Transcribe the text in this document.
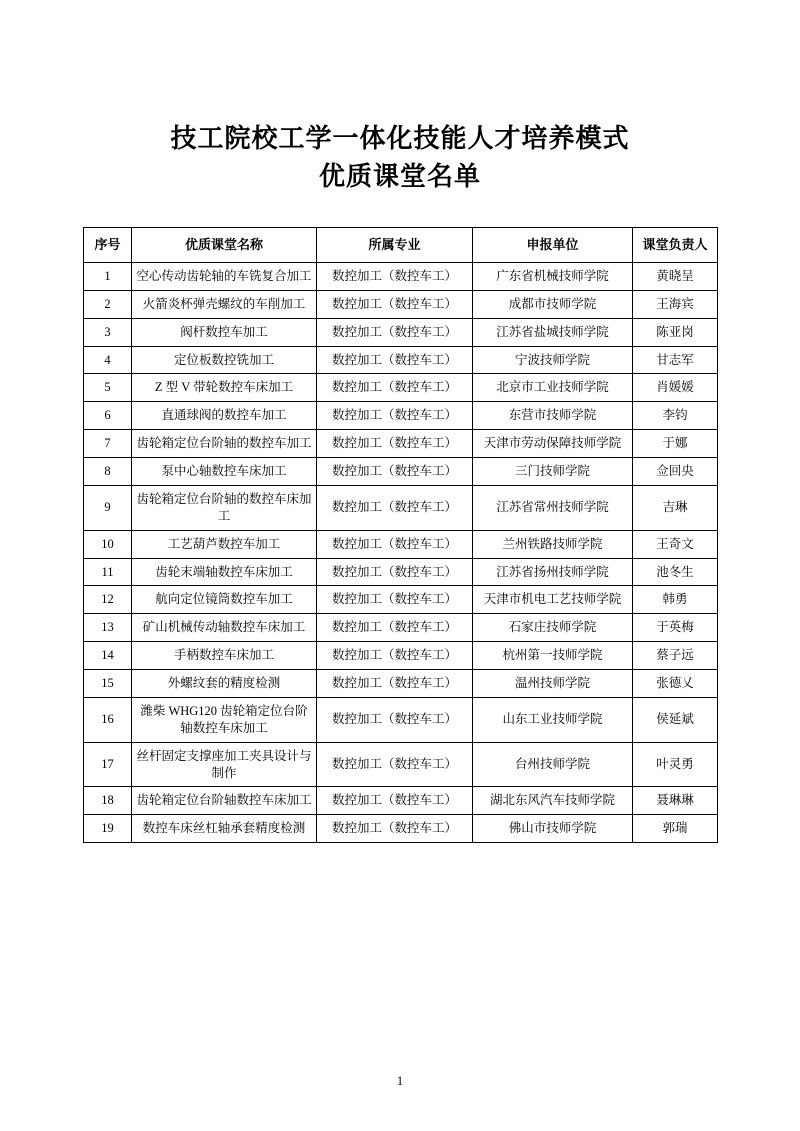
技工院校工学一体化技能人才培养模式
优质课堂名单
序号	优质课堂名称	所属专业	申报单位	课堂负责人
1	空心传动齿轮轴的车铣复合加工	数控加工（数控车工）	广东省机械技师学院	黄晓呈
2	火箭炎杯弹壳螺纹的车削加工	数控加工（数控车工）	成都市技师学院	王海宾
3	阀杆数控车加工	数控加工（数控车工）	江苏省盐城技师学院	陈亚岗
4	定位板数控铣加工	数控加工（数控车工）	宁波技师学院	甘志军
5	Z 型 V 带轮数控车床加工	数控加工（数控车工）	北京市工业技师学院	肖媛媛
6	直通球阀的数控车加工	数控加工（数控车工）	东营市技师学院	李钧
7	齿轮箱定位台阶轴的数控车加工	数控加工（数控车工）	天津市劳动保障技师学院	于娜
8	泵中心轴数控车床加工	数控加工（数控车工）	三门技师学院	佥回央
9	齿轮箱定位台阶轴的数控车床加工	数控加工（数控车工）	江苏省常州技师学院	吉琳
10	工艺葫芦数控车加工	数控加工（数控车工）	兰州铁路技师学院	王奇文
11	齿轮末端轴数控车床加工	数控加工（数控车工）	江苏省扬州技师学院	池冬生
12	航向定位镜筒数控车加工	数控加工（数控车工）	天津市机电工艺技师学院	韩勇
13	矿山机械传动轴数控车床加工	数控加工（数控车工）	石家庄技师学院	于英梅
14	手柄数控车床加工	数控加工（数控车工）	杭州第一技师学院	蔡子远
15	外螺纹套的精度检测	数控加工（数控车工）	温州技师学院	张德乂
16	潍柴 WHG120 齿轮箱定位台阶轴数控车床加工	数控加工（数控车工）	山东工业技师学院	侯延斌
17	丝杆固定支撑座加工夹具设计与制作	数控加工（数控车工）	台州技师学院	叶灵勇
18	齿轮箱定位台阶轴数控车床加工	数控加工（数控车工）	湖北东风汽车技师学院	聂琳琳
19	数控车床丝杠轴承套精度检测	数控加工（数控车工）	佛山市技师学院	郭瑞
1
